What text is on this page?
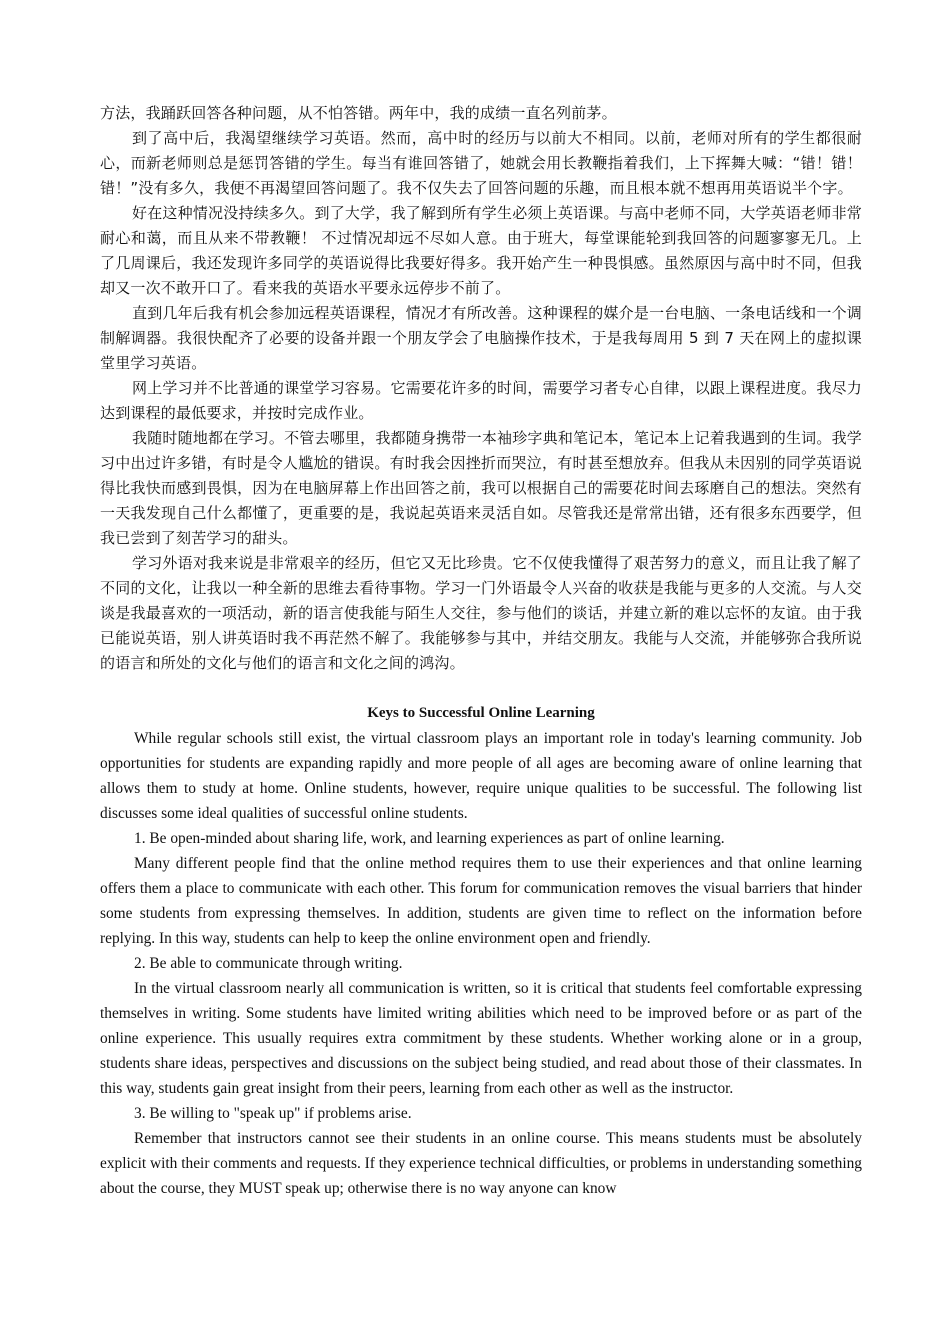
方法，我踊跃回答各种问题，从不怕答错。两年中，我的成绩一直名列前茅。

到了高中后，我渴望继续学习英语。然而，高中时的经历与以前大不相同。以前，老师对所有的学生都很耐心，而新老师则总是惩罚答错的学生。每当有谁回答错了，她就会用长教鞭指着我们，上下挥舞大喊：“错！错！错！”没有多久，我便不再渴望回答问题了。我不仅失去了回答问题的乐趣，而且根本就不想再用英语说半个字。

好在这种情况没持续多久。到了大学，我了解到所有学生必须上英语课。与高中老师不同，大学英语老师非常耐心和蔼，而且从来不带教鞭！ 不过情况却远不尽如人意。由于班大，每堂课能轮到我回答的问题寥寥无几。上了几周课后，我还发现许多同学的英语说得比我要好得多。我开始产生一种畏惧感。虽然原因与高中时不同，但我却又一次不敢开口了。看来我的英语水平要永远停步不前了。

直到几年后我有机会参加远程英语课程，情况才有所改善。这种课程的媒介是一台电脑、一条电话线和一个调制解调器。我很快配齐了必要的设备并跟一个朋友学会了电脑操作技术，于是我每周用 5 到 7 天在网上的虚拟课堂里学习英语。

网上学习并不比普通的课堂学习容易。它需要花许多的时间，需要学习者专心自律，以跟上课程进度。我尽力达到课程的最低要求，并按时完成作业。

我随时随地都在学习。不管去哪里，我都随身携带一本袖珍字典和笔记本，笔记本上记着我遇到的生词。我学习中出过许多错，有时是令人尴尬的错误。有时我会因挫折而哭泣，有时甚至想放弃。但我从未因别的同学英语说得比我快而感到畏惧，因为在电脑屏幕上作出回答之前，我可以根据自己的需要花时间去琢磨自己的想法。突然有一天我发现自己什么都懂了，更重要的是，我说起英语来灵活自如。尽管我还是常常出错，还有很多东西要学，但我已尝到了刻苦学习的甜头。

学习外语对我来说是非常艰辛的经历，但它又无比珍贵。它不仅使我懂得了艰苦努力的意义，而且让我了解了不同的文化，让我以一种全新的思维去看待事物。学习一门外语最令人兴奋的收获是我能与更多的人交流。与人交谈是我最喜欢的一项活动，新的语言使我能与陌生人交往，参与他们的谈话，并建立新的难以忘怀的友谊。由于我已能说英语，别人讲英语时我不再茫然不解了。我能够参与其中，并结交朋友。我能与人交流，并能够弥合我所说的语言和所处的文化与他们的语言和文化之间的鸿沟。

Keys to Successful Online Learning

While regular schools still exist, the virtual classroom plays an important role in today's learning community. Job opportunities for students are expanding rapidly and more people of all ages are becoming aware of online learning that allows them to study at home. Online students, however, require unique qualities to be successful. The following list discusses some ideal qualities of successful online students.

1. Be open-minded about sharing life, work, and learning experiences as part of online learning.

Many different people find that the online method requires them to use their experiences and that online learning offers them a place to communicate with each other. This forum for communication removes the visual barriers that hinder some students from expressing themselves. In addition, students are given time to reflect on the information before replying. In this way, students can help to keep the online environment open and friendly.

2. Be able to communicate through writing.

In the virtual classroom nearly all communication is written, so it is critical that students feel comfortable expressing themselves in writing. Some students have limited writing abilities which need to be improved before or as part of the online experience. This usually requires extra commitment by these students. Whether working alone or in a group, students share ideas, perspectives and discussions on the subject being studied, and read about those of their classmates. In this way, students gain great insight from their peers, learning from each other as well as the instructor.

3. Be willing to "speak up" if problems arise.

Remember that instructors cannot see their students in an online course. This means students must be absolutely explicit with their comments and requests. If they experience technical difficulties, or problems in understanding something about the course, they MUST speak up; otherwise there is no way anyone can know
